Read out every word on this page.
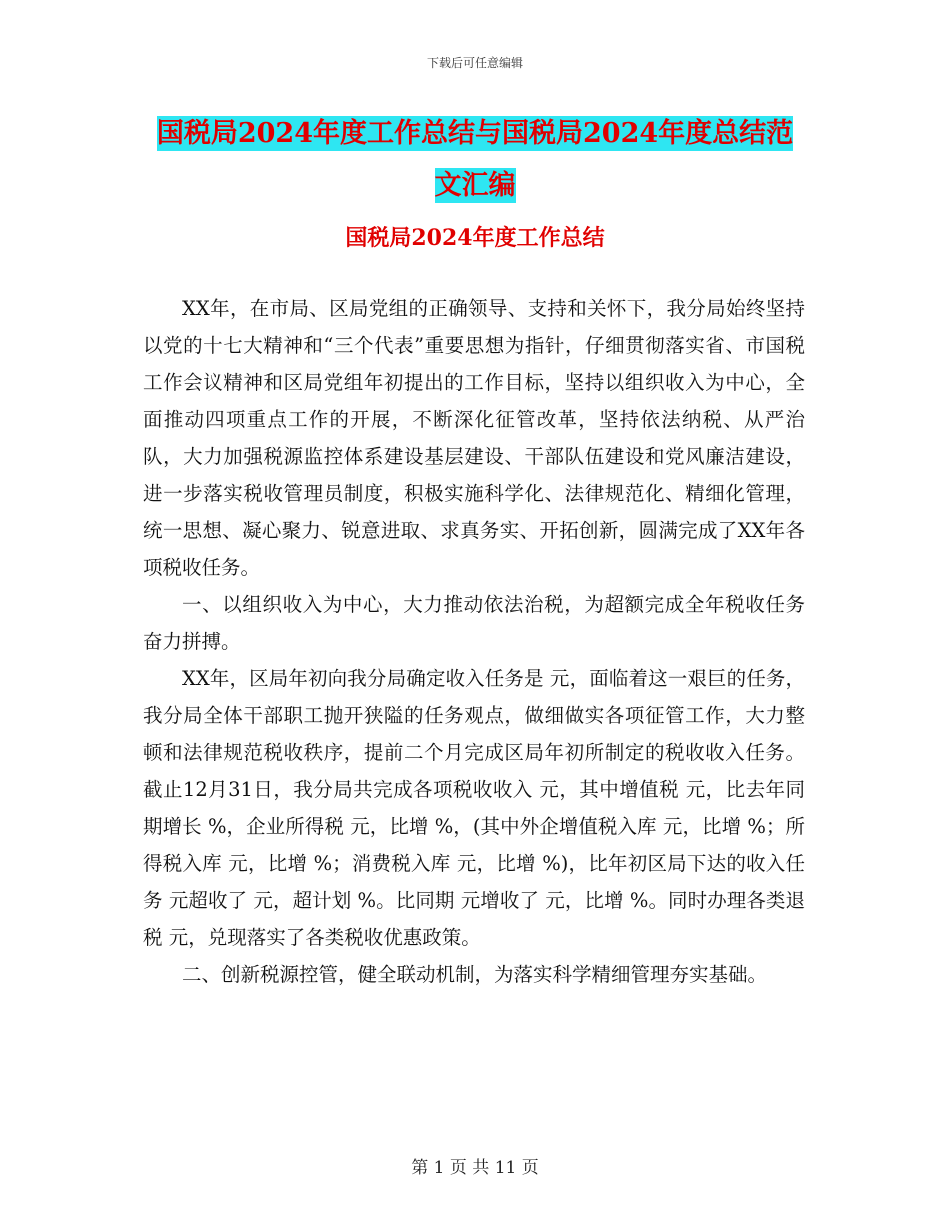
下载后可任意编辑
国税局2024年度工作总结与国税局2024年度总结范
文汇编
国税局2024年度工作总结

XX年，在市局、区局党组的正确领导、支持和关怀下，我分局始终坚持以党的十七大精神和“三个代表”重要思想为指针，仔细贯彻落实省、市国税工作会议精神和区局党组年初提出的工作目标，坚持以组织收入为中心，全面推动四项重点工作的开展，不断深化征管改革，坚持依法纳税、从严治队，大力加强税源监控体系建设基层建设、干部队伍建设和党风廉洁建设，进一步落实税收管理员制度，积极实施科学化、法律规范化、精细化管理，统一思想、凝心聚力、锐意进取、求真务实、开拓创新，圆满完成了XX年各项税收任务。

一、以组织收入为中心，大力推动依法治税，为超额完成全年税收任务奋力拼搏。

XX年，区局年初向我分局确定收入任务是 元，面临着这一艰巨的任务，我分局全体干部职工抛开狭隘的任务观点，做细做实各项征管工作，大力整顿和法律规范税收秩序，提前二个月完成区局年初所制定的税收收入任务。截止12月31日，我分局共完成各项税收收入 元，其中增值税 元，比去年同期增长 %，企业所得税 元，比增 %，(其中外企增值税入库 元，比增 %；所得税入库 元，比增 %；消费税入库 元，比增 %)，比年初区局下达的收入任务 元超收了 元，超计划 %。比同期 元增收了 元，比增 %。同时办理各类退税 元，兑现落实了各类税收优惠政策。

二、创新税源控管，健全联动机制，为落实科学精细管理夯实基础。

第 1 页 共 11 页
